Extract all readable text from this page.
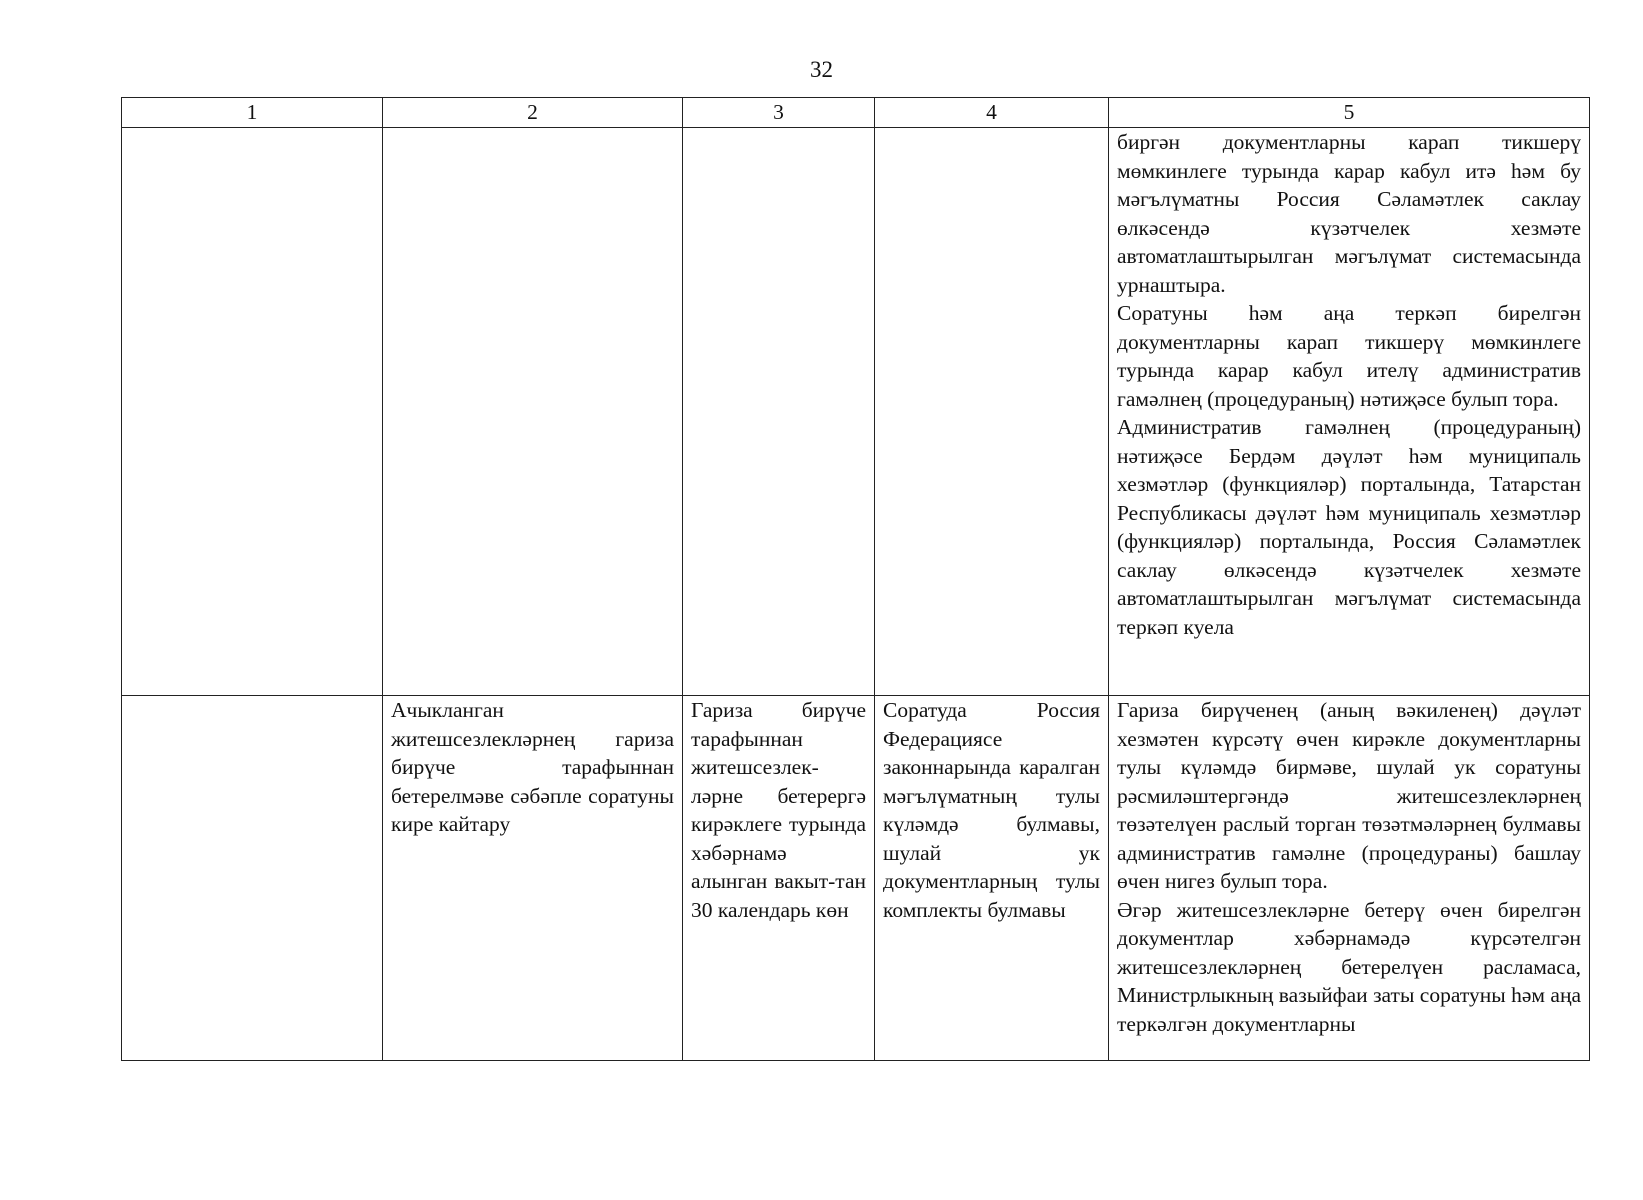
32
1	2	3	4	5

				биргән документларны карап тикшерү мөмкинлеге турында карар кабул итә һәм бу мәгълүматны Россия Сәламәтлек саклау өлкәсендә күзәтчелек хезмәте автоматлаштырылган мәгълүмат системасында урнаштыра.

Соратуны һәм аңа теркәп бирелгән документларны карап тикшерү мөмкинлеге турында карар кабул ителү административ гамәлнең (процедураның) нәтиҗәсе булып тора.

Административ гамәлнең (процедураның) нәтиҗәсе Бердәм дәүләт һәм муниципаль хезмәтләр (функцияләр) порталында, Татарстан Республикасы дәүләт һәм муниципаль хезмәтләр (функцияләр) порталында, Россия Сәламәтлек саклау өлкәсендә күзәтчелек хезмәте автоматлаштырылган мәгълүмат системасында теркәп куела

	Ачыкланган житешсезлекләрнең гариза бирүче тарафыннан бетерелмәве сәбәпле соратуны кире кайтару	Гариза бирүче тарафыннан житешсезлек-ләрне бетерергә кирәклеге турында хәбәрнамә алынган вакыт-тан 30 календарь көн	Соратуда Россия Федерациясе законнарында каралган мәгълүматның тулы күләмдә булмавы, шулай ук документларның тулы комплекты булмавы	Гариза бирүченең (аның вәкиленең) дәүләт хезмәтен күрсәтү өчен кирәкле документларны тулы күләмдә бирмәве, шулай ук соратуны рәсмиләштергәндә житешсезлекләрнең төзәтелүен раслый торган төзәтмәләрнең булмавы административ гамәлне (процедураны) башлау өчен нигез булып тора.

Әгәр житешсезлекләрне бетерү өчен бирелгән документлар хәбәрнамәдә күрсәтелгән житешсезлекләрнең бетерелүен расламаса, Министрлыкның вазыйфаи заты соратуны һәм аңа теркәлгән документларны
